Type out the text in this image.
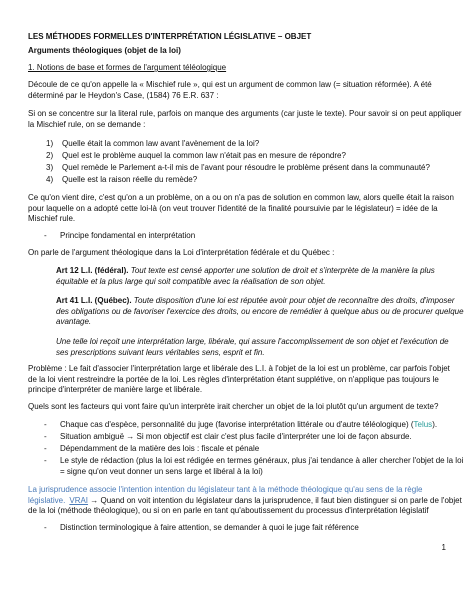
LES MÉTHODES FORMELLES D'INTERPRÉTATION LÉGISLATIVE – OBJET
Arguments théologiques (objet de la loi)
1. Notions de base et formes de l'argument téléologique
Découle de ce qu'on appelle la « Mischief rule », qui est un argument de common law (= situation réformée). A été
déterminé par le Heydon's Case, (1584) 76 E.R. 637 :
Si on se concentre sur la literal rule, parfois on manque des arguments (car juste le texte). Pour savoir si on peut appliquer
la Mischief rule, on se demande :
1) Quelle était la common law avant l'avènement de la loi?
2) Quel est le problème auquel la common law n'était pas en mesure de répondre?
3) Quel remède le Parlement a-t-il mis de l'avant pour résoudre le problème présent dans la communauté?
4) Quelle est la raison réelle du remède?
Ce qu'on vient dire, c'est qu'on a un problème, on a ou on n'a pas de solution en common law, alors quelle était la raison
pour laquelle on a adopté cette loi-là (on veut trouver l'identité de la finalité poursuivie par le législateur) = idée de la
Mischief rule.
- Principe fondamental en interprétation
On parle de l'argument théologique dans la Loi d'interprétation fédérale et du Québec :
Art 12 L.I. (fédéral). Tout texte est censé apporter une solution de droit et s'interprète de la manière la plus
équitable et la plus large qui soit compatible avec la réalisation de son objet.
Art 41 L.I. (Québec). Toute disposition d'une loi est réputée avoir pour objet de reconnaître des droits, d'imposer
des obligations ou de favoriser l'exercice des droits, ou encore de remédier à quelque abus ou de procurer quelque
avantage.
Une telle loi reçoit une interprétation large, libérale, qui assure l'accomplissement de son objet et l'exécution de
ses prescriptions suivant leurs véritables sens, esprit et fin.
Problème : Le fait d'associer l'interprétation large et libérale des L.I. à l'objet de la loi est un problème, car parfois l'objet
de la loi vient restreindre la portée de la loi. Les règles d'interprétation étant supplétive, on n'applique pas toujours le
principe d'interpréter de manière large et libérale.
Quels sont les facteurs qui vont faire qu'un interprète irait chercher un objet de la loi plutôt qu'un argument de texte?
- Chaque cas d'espèce, personnalité du juge (favorise interprétation littérale ou d'autre téléologique) (Telus).
- Situation ambiguë → Si mon objectif est clair c'est plus facile d'interpréter une loi de façon absurde.
- Dépendamment de la matière des lois : fiscale et pénale
- Le style de rédaction (plus la loi est rédigée en termes généraux, plus j'ai tendance à aller chercher l'objet de la loi
= signe qu'on veut donner un sens large et libéral à la loi)
La jurisprudence associe l'intention intention du législateur tant à la méthode théologique qu'au sens de la règle
législative. VRAI → Quand on voit intention du législateur dans la jurisprudence, il faut bien distinguer si on parle de l'objet
de la loi (méthode théologique), ou si on en parle en tant qu'aboutissement du processus d'interprétation législatif
- Distinction terminologique à faire attention, se demander à quoi le juge fait référence
1
